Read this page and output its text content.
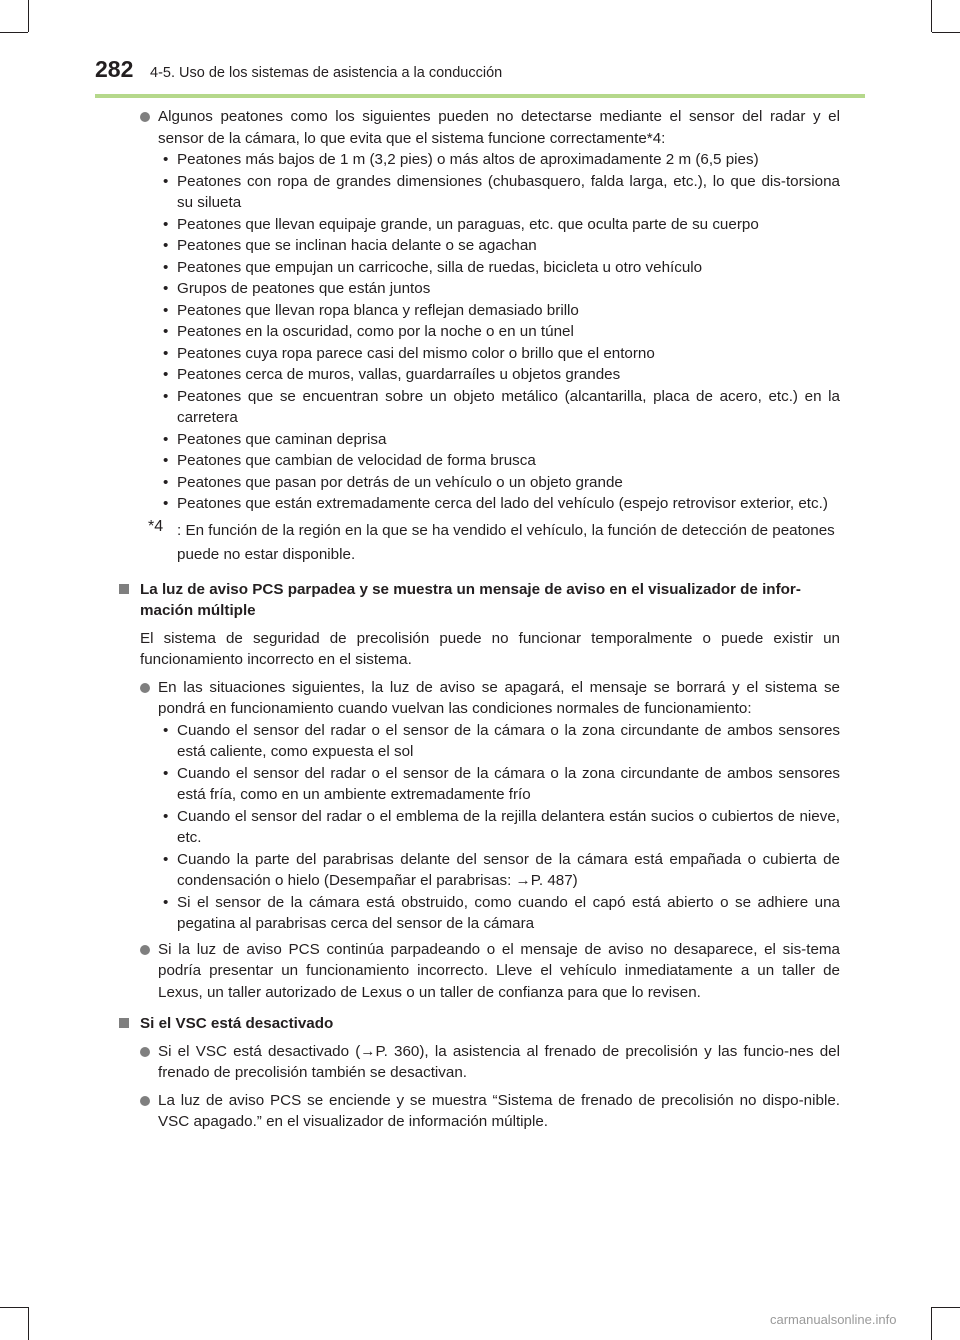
282 4-5. Uso de los sistemas de asistencia a la conducción
Algunos peatones como los siguientes pueden no detectarse mediante el sensor del radar y el sensor de la cámara, lo que evita que el sistema funcione correctamente*4:
• Peatones más bajos de 1 m (3,2 pies) o más altos de aproximadamente 2 m (6,5 pies)
• Peatones con ropa de grandes dimensiones (chubasquero, falda larga, etc.), lo que dis-torsiona su silueta
• Peatones que llevan equipaje grande, un paraguas, etc. que oculta parte de su cuerpo
• Peatones que se inclinan hacia delante o se agachan
• Peatones que empujan un carricoche, silla de ruedas, bicicleta u otro vehículo
• Grupos de peatones que están juntos
• Peatones que llevan ropa blanca y reflejan demasiado brillo
• Peatones en la oscuridad, como por la noche o en un túnel
• Peatones cuya ropa parece casi del mismo color o brillo que el entorno
• Peatones cerca de muros, vallas, guardarraíles u objetos grandes
• Peatones que se encuentran sobre un objeto metálico (alcantarilla, placa de acero, etc.) en la carretera
• Peatones que caminan deprisa
• Peatones que cambian de velocidad de forma brusca
• Peatones que pasan por detrás de un vehículo o un objeto grande
• Peatones que están extremadamente cerca del lado del vehículo (espejo retrovisor exterior, etc.)
*4 : En función de la región en la que se ha vendido el vehículo, la función de detección de peatones puede no estar disponible.
La luz de aviso PCS parpadea y se muestra un mensaje de aviso en el visualizador de infor-mación múltiple
El sistema de seguridad de precolisión puede no funcionar temporalmente o puede existir un funcionamiento incorrecto en el sistema.
En las situaciones siguientes, la luz de aviso se apagará, el mensaje se borrará y el sistema se pondrá en funcionamiento cuando vuelvan las condiciones normales de funcionamiento:
• Cuando el sensor del radar o el sensor de la cámara o la zona circundante de ambos sensores está caliente, como expuesta el sol
• Cuando el sensor del radar o el sensor de la cámara o la zona circundante de ambos sensores está fría, como en un ambiente extremadamente frío
• Cuando el sensor del radar o el emblema de la rejilla delantera están sucios o cubiertos de nieve, etc.
• Cuando la parte del parabrisas delante del sensor de la cámara está empañada o cubierta de condensación o hielo (Desempañar el parabrisas: →P. 487)
• Si el sensor de la cámara está obstruido, como cuando el capó está abierto o se adhiere una pegatina al parabrisas cerca del sensor de la cámara
Si la luz de aviso PCS continúa parpadeando o el mensaje de aviso no desaparece, el sis-tema podría presentar un funcionamiento incorrecto. Lleve el vehículo inmediatamente a un taller de Lexus, un taller autorizado de Lexus o un taller de confianza para que lo revisen.
Si el VSC está desactivado
Si el VSC está desactivado (→P. 360), la asistencia al frenado de precolisión y las funcio-nes del frenado de precolisión también se desactivan.
La luz de aviso PCS se enciende y se muestra “Sistema de frenado de precolisión no dispo-nible. VSC apagado.” en el visualizador de información múltiple.
carmanualsonline.info
